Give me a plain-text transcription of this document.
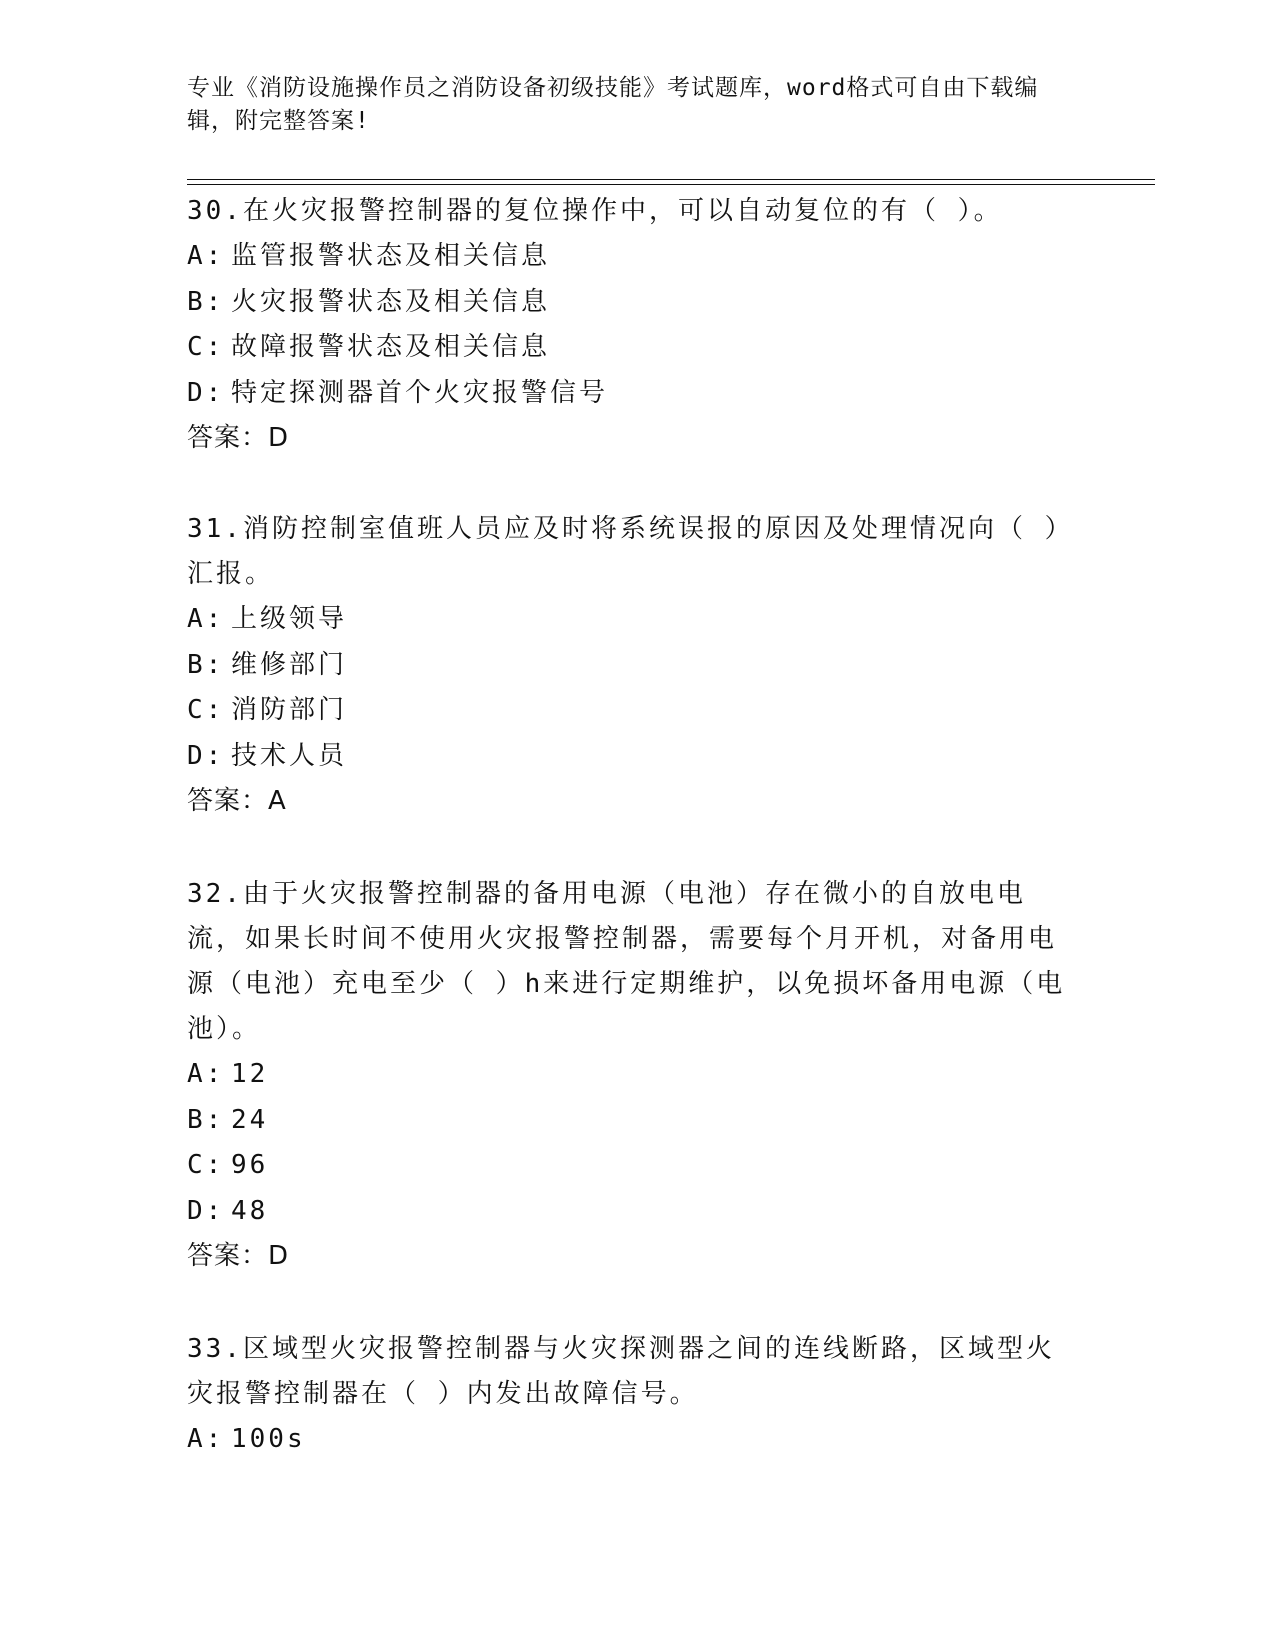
专业《消防设施操作员之消防设备初级技能》考试题库，word格式可自由下载编辑，附完整答案!
30.在火灾报警控制器的复位操作中，可以自动复位的有（ ）。
A: 监管报警状态及相关信息
B: 火灾报警状态及相关信息
C: 故障报警状态及相关信息
D: 特定探测器首个火灾报警信号
答案：D
31.消防控制室值班人员应及时将系统误报的原因及处理情况向（ ）汇报。
A: 上级领导
B: 维修部门
C: 消防部门
D: 技术人员
答案：A
32.由于火灾报警控制器的备用电源（电池）存在微小的自放电电流，如果长时间不使用火灾报警控制器，需要每个月开机，对备用电源（电池）充电至少（ ）h来进行定期维护，以免损坏备用电源（电池）。
A: 12
B: 24
C: 96
D: 48
答案：D
33.区域型火灾报警控制器与火灾探测器之间的连线断路，区域型火灾报警控制器在（ ）内发出故障信号。
A: 100s
